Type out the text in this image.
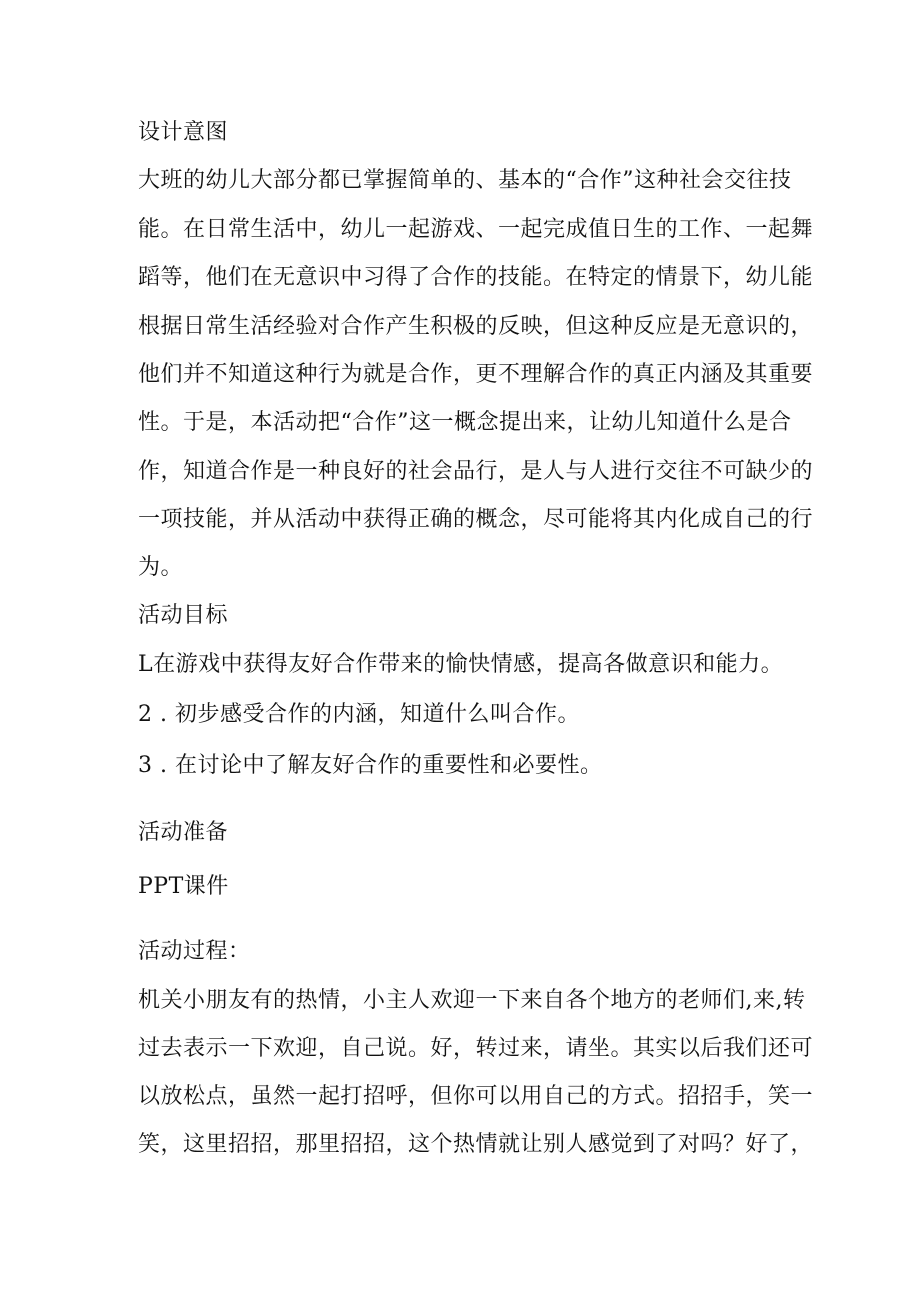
设计意图
大班的幼儿大部分都已掌握简单的、基本的“合作”这种社会交往技
能。在日常生活中，幼儿一起游戏、一起完成值日生的工作、一起舞
蹈等，他们在无意识中习得了合作的技能。在特定的情景下，幼儿能
根据日常生活经验对合作产生积极的反映，但这种反应是无意识的，
他们并不知道这种行为就是合作，更不理解合作的真正内涵及其重要
性。于是，本活动把“合作”这一概念提出来，让幼儿知道什么是合
作，知道合作是一种良好的社会品行，是人与人进行交往不可缺少的
一项技能，并从活动中获得正确的概念，尽可能将其内化成自己的行
为。
活动目标
L在游戏中获得友好合作带来的愉快情感，提高各做意识和能力。
2 . 初步感受合作的内涵，知道什么叫合作。
3 . 在讨论中了解友好合作的重要性和必要性。
活动准备
PPT课件
活动过程：
机关小朋友有的热情，小主人欢迎一下来自各个地方的老师们,来,转
过去表示一下欢迎，自己说。好，转过来，请坐。其实以后我们还可
以放松点，虽然一起打招呼，但你可以用自己的方式。招招手，笑一
笑，这里招招，那里招招，这个热情就让别人感觉到了对吗？好了，
